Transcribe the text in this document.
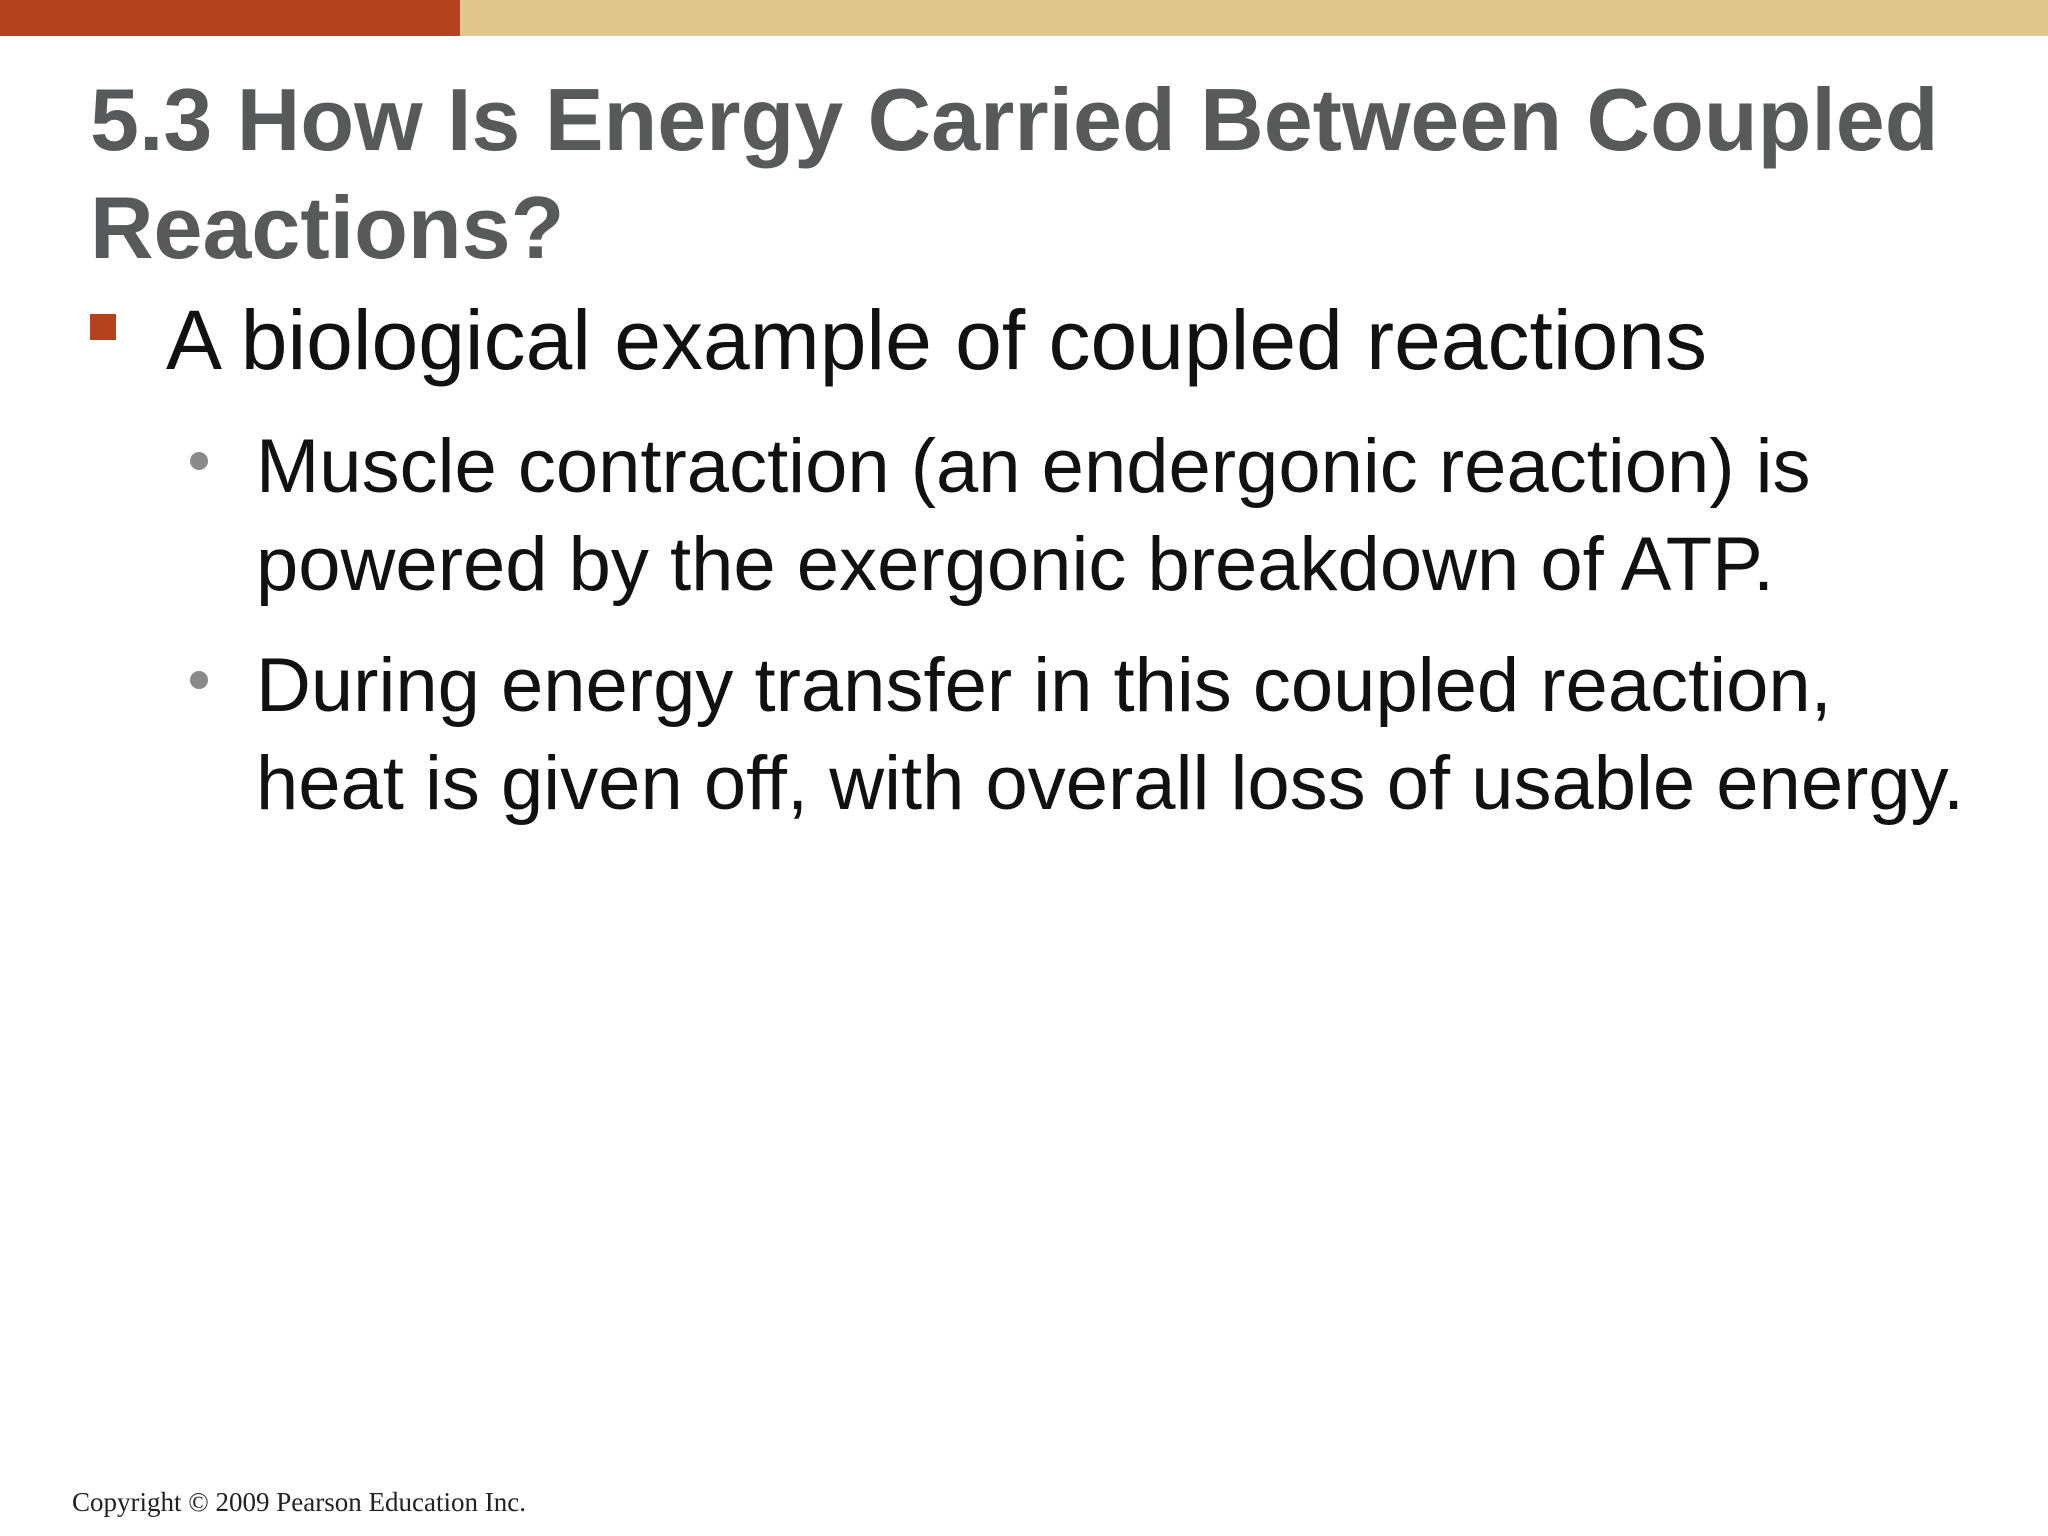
5.3 How Is Energy Carried Between Coupled Reactions?
A biological example of coupled reactions
Muscle contraction (an endergonic reaction) is powered by the exergonic breakdown of ATP.
During energy transfer in this coupled reaction, heat is given off, with overall loss of usable energy.
Copyright © 2009 Pearson Education Inc.
